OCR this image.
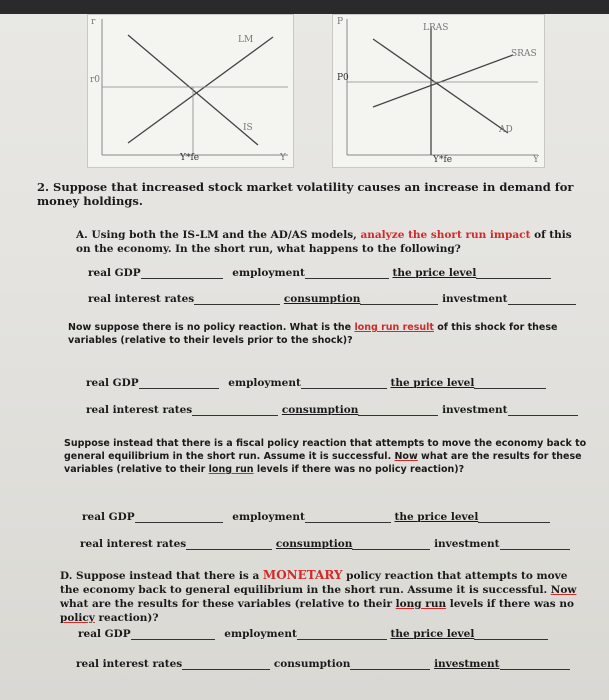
r
r0
LM
IS
Y*fe	Y
P
LRAS
SRAS
P0
AD
Y*fe	Y
2. Suppose that increased stock market volatility causes an increase in demand for money holdings.
A. Using both the IS-LM and the AD/AS models, analyze the short run impact of this on the economy. In the short run, what happens to the following?
real GDP	employment	the price level
real interest rates	consumption	investment
Now suppose there is no policy reaction. What is the long run result of this shock for these variables (relative to their levels prior to the shock)?
real GDP	employment	the price level
real interest rates	consumption	investment
Suppose instead that there is a fiscal policy reaction that attempts to move the economy back to general equilibrium in the short run. Assume it is successful. Now what are the results for these variables (relative to their long run levels if there was no policy reaction)?
real GDP	employment	the price level
real interest rates	consumption	investment
D. Suppose instead that there is a MONETARY policy reaction that attempts to move the economy back to general equilibrium in the short run. Assume it is successful. Now what are the results for these variables (relative to their long run levels if there was no policy reaction)?
real GDP	employment	the price level
real interest rates	consumption	investment
